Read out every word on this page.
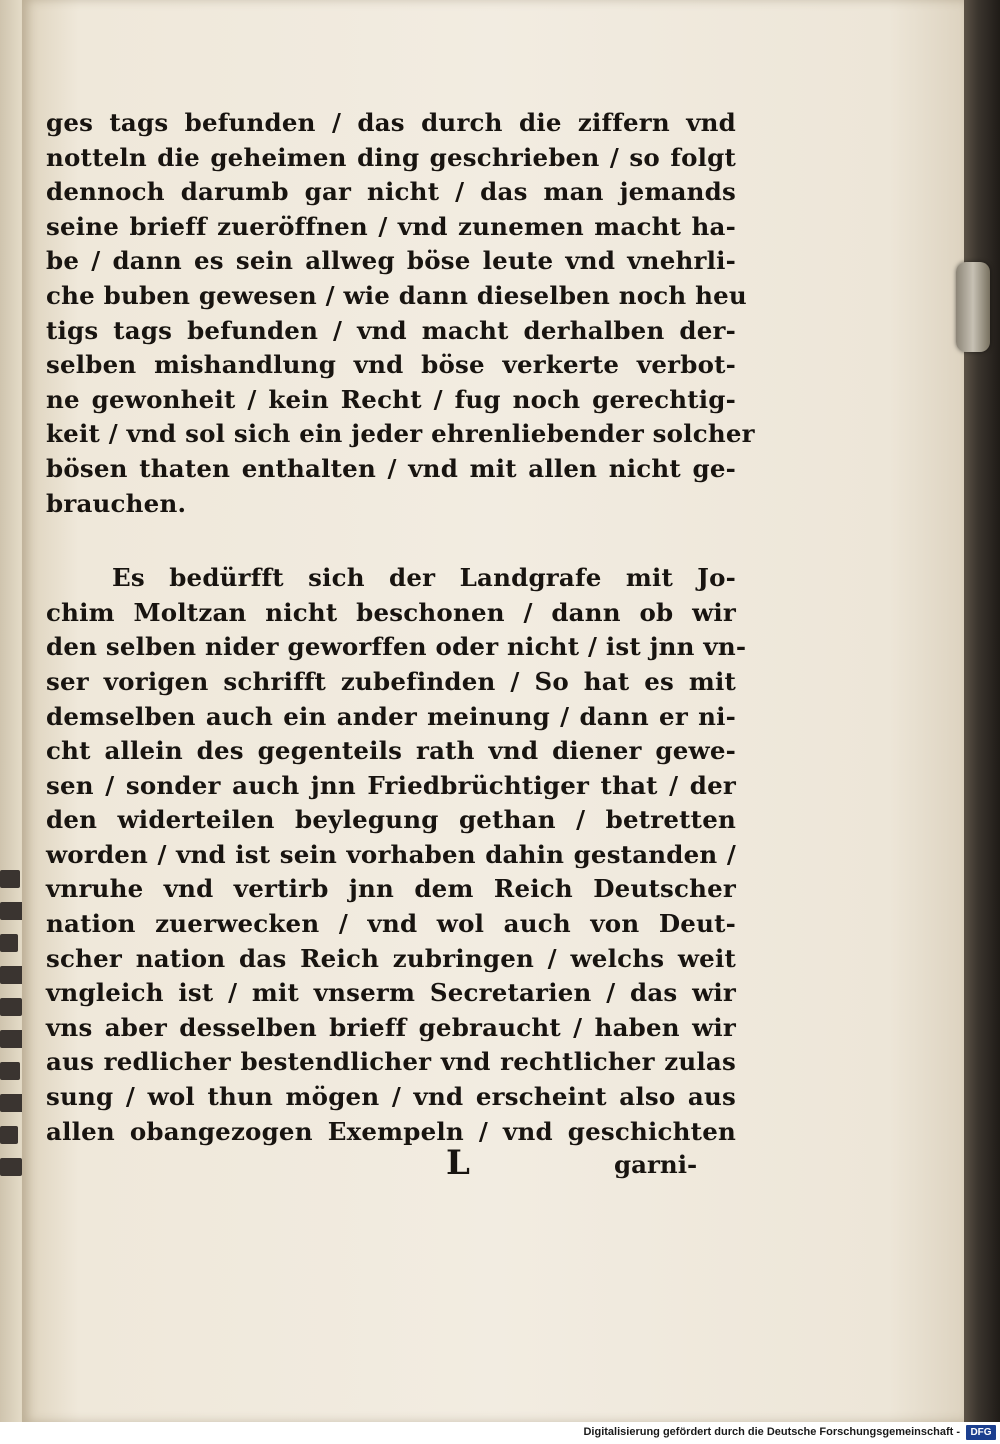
ges tags befunden / das durch die ziffern vnd
notteln die geheimen ding geschrieben / so folgt
dennoch darumb gar nicht / das man jemands
seine brieff zueröffnen / vnd zunemen macht ha-
be / dann es sein allweg böse leute vnd vnehrli-
che buben gewesen / wie dann dieselben noch heu
tigs tags befunden / vnd macht derhalben der-
selben mishandlung vnd böse verkerte verbot-
ne gewonheit / kein Recht / fug noch gerechtig-
keit / vnd sol sich ein jeder ehrenliebender solcher
bösen thaten enthalten / vnd mit allen nicht ge-
brauchen.
Es bedürfft sich der Landgrafe mit Jo-
chim Moltzan nicht beschonen / dann ob wir
den selben nider geworffen oder nicht / ist jnn vn-
ser vorigen schrifft zubefinden / So hat es mit
demselben auch ein ander meinung / dann er ni-
cht allein des gegenteils rath vnd diener gewe-
sen / sonder auch jnn Friedbrüchtiger that / der
den widerteilen beylegung gethan / betretten
worden / vnd ist sein vorhaben dahin gestanden /
vnruhe vnd vertirb jnn dem Reich Deutscher
nation zuerwecken / vnd wol auch von Deut-
scher nation das Reich zubringen / welchs weit
vngleich ist / mit vnserm Secretarien / das wir
vns aber desselben brieff gebraucht / haben wir
aus redlicher bestendlicher vnd rechtlicher zulas
sung / wol thun mögen / vnd erscheint also aus
allen obangezogen Exempeln / vnd geschichten
L	garni-
Digitalisierung gefördert durch die Deutsche Forschungsgemeinschaft -	DFG
